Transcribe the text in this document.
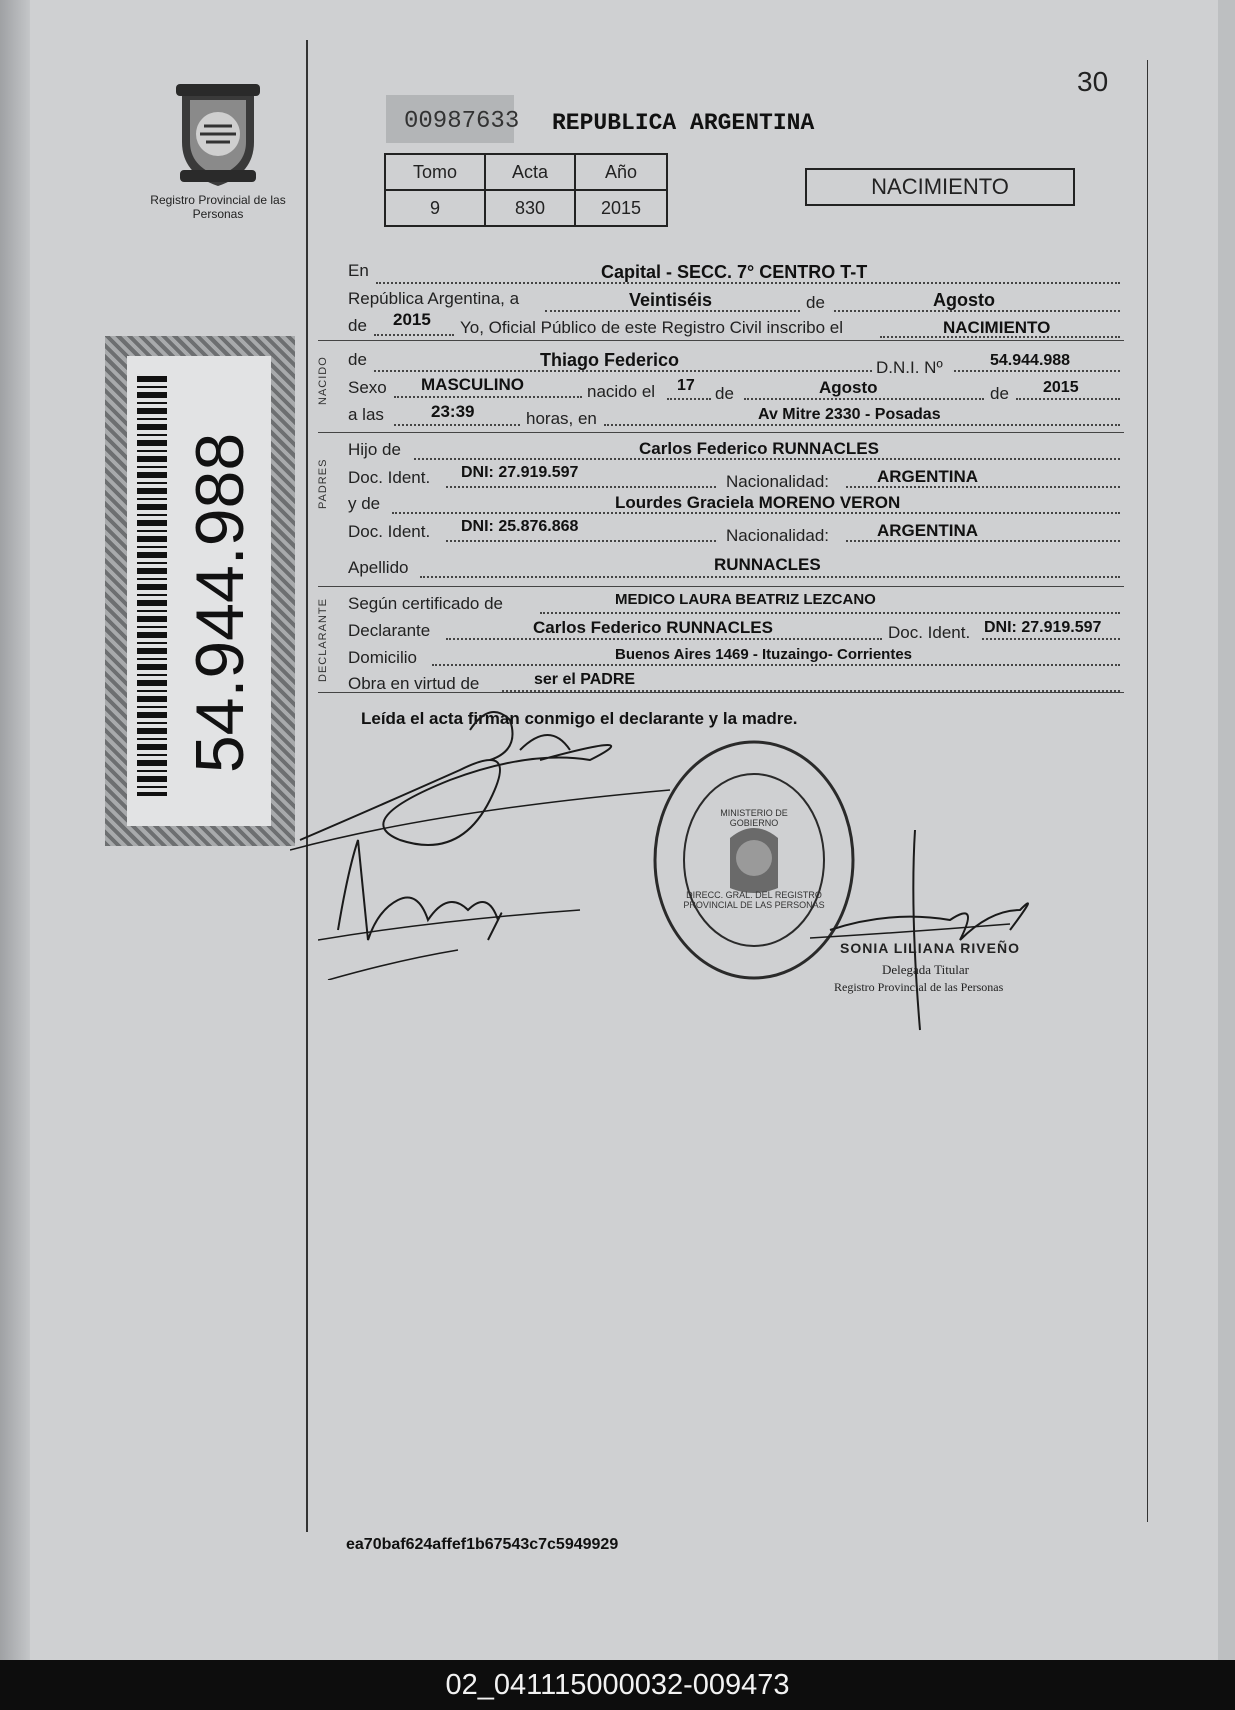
30
Registro Provincial de las Personas
00987633 REPUBLICA ARGENTINA
Tomo	Acta	Año
9	830	2015
NACIMIENTO
54.944.988
NACIDO
PADRES
DECLARANTE
En	Capital - SECC. 7° CENTRO T-T
República Argentina, a	Veintiséis	de	Agosto
de 2015 Yo, Oficial Público de este Registro Civil inscribo el	NACIMIENTO
de	Thiago Federico	D.N.I. Nº	54.944.988
Sexo MASCULINO	nacido el 17 de	Agosto	de 2015
a las	23:39	horas, en	Av Mitre 2330 - Posadas
Hijo de	Carlos Federico RUNNACLES
Doc. Ident. DNI: 27.919.597	Nacionalidad:	ARGENTINA
y de	Lourdes Graciela MORENO VERON
Doc. Ident. DNI: 25.876.868	Nacionalidad:	ARGENTINA
Apellido	RUNNACLES
Según certificado de	MEDICO LAURA BEATRIZ LEZCANO
Declarante	Carlos Federico RUNNACLES	Doc. Ident. DNI: 27.919.597
Domicilio	Buenos Aires 1469 - Ituzaingo- Corrientes
Obra en virtud de	ser el PADRE
Leída el acta firman conmigo el declarante y la madre.
MINISTERIO DE GOBIERNO
DIRECC. GRAL. DEL REGISTRO PROVINCIAL DE LAS PERSONAS
SONIA LILIANA RIVEÑO
Delegada Titular
Registro Provincial de las Personas
ea70baf624affef1b67543c7c5949929
02_041115000032-009473
